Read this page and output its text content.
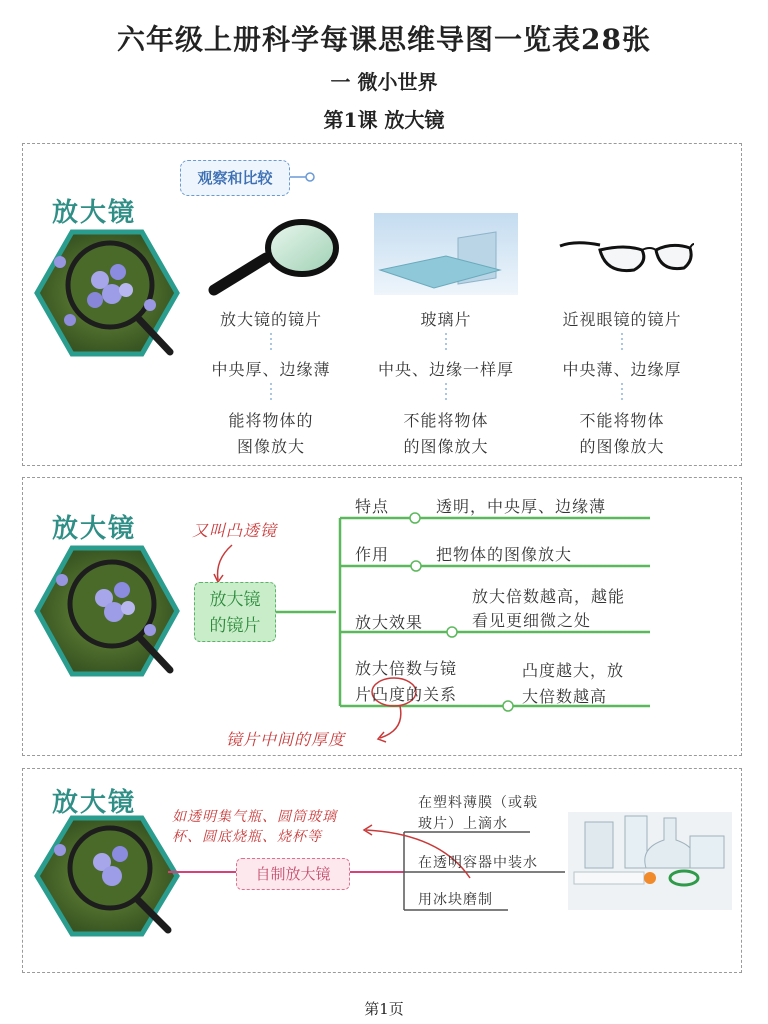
六年级上册科学每课思维导图一览表28张
一 微小世界
第1课 放大镜
放大镜
观察和比较
放大镜的镜片
中央厚、边缘薄
能将物体的
图像放大
玻璃片
中央、边缘一样厚
不能将物体
的图像放大
近视眼镜的镜片
中央薄、边缘厚
不能将物体
的图像放大
放大镜	又叫凸透镜
放大镜
的镜片
特点	透明，中央厚、边缘薄
作用	把物体的图像放大
放大效果
放大倍数越高，越能
看见更细微之处
放大倍数与镜
片凸度的关系
凸度越大，放
大倍数越高
镜片中间的厚度
放大镜	如透明集气瓶、圆筒玻璃
杯、圆底烧瓶、烧杯等
自制放大镜
在塑料薄膜（或载
玻片）上滴水
在透明容器中装水
用冰块磨制
第1页
